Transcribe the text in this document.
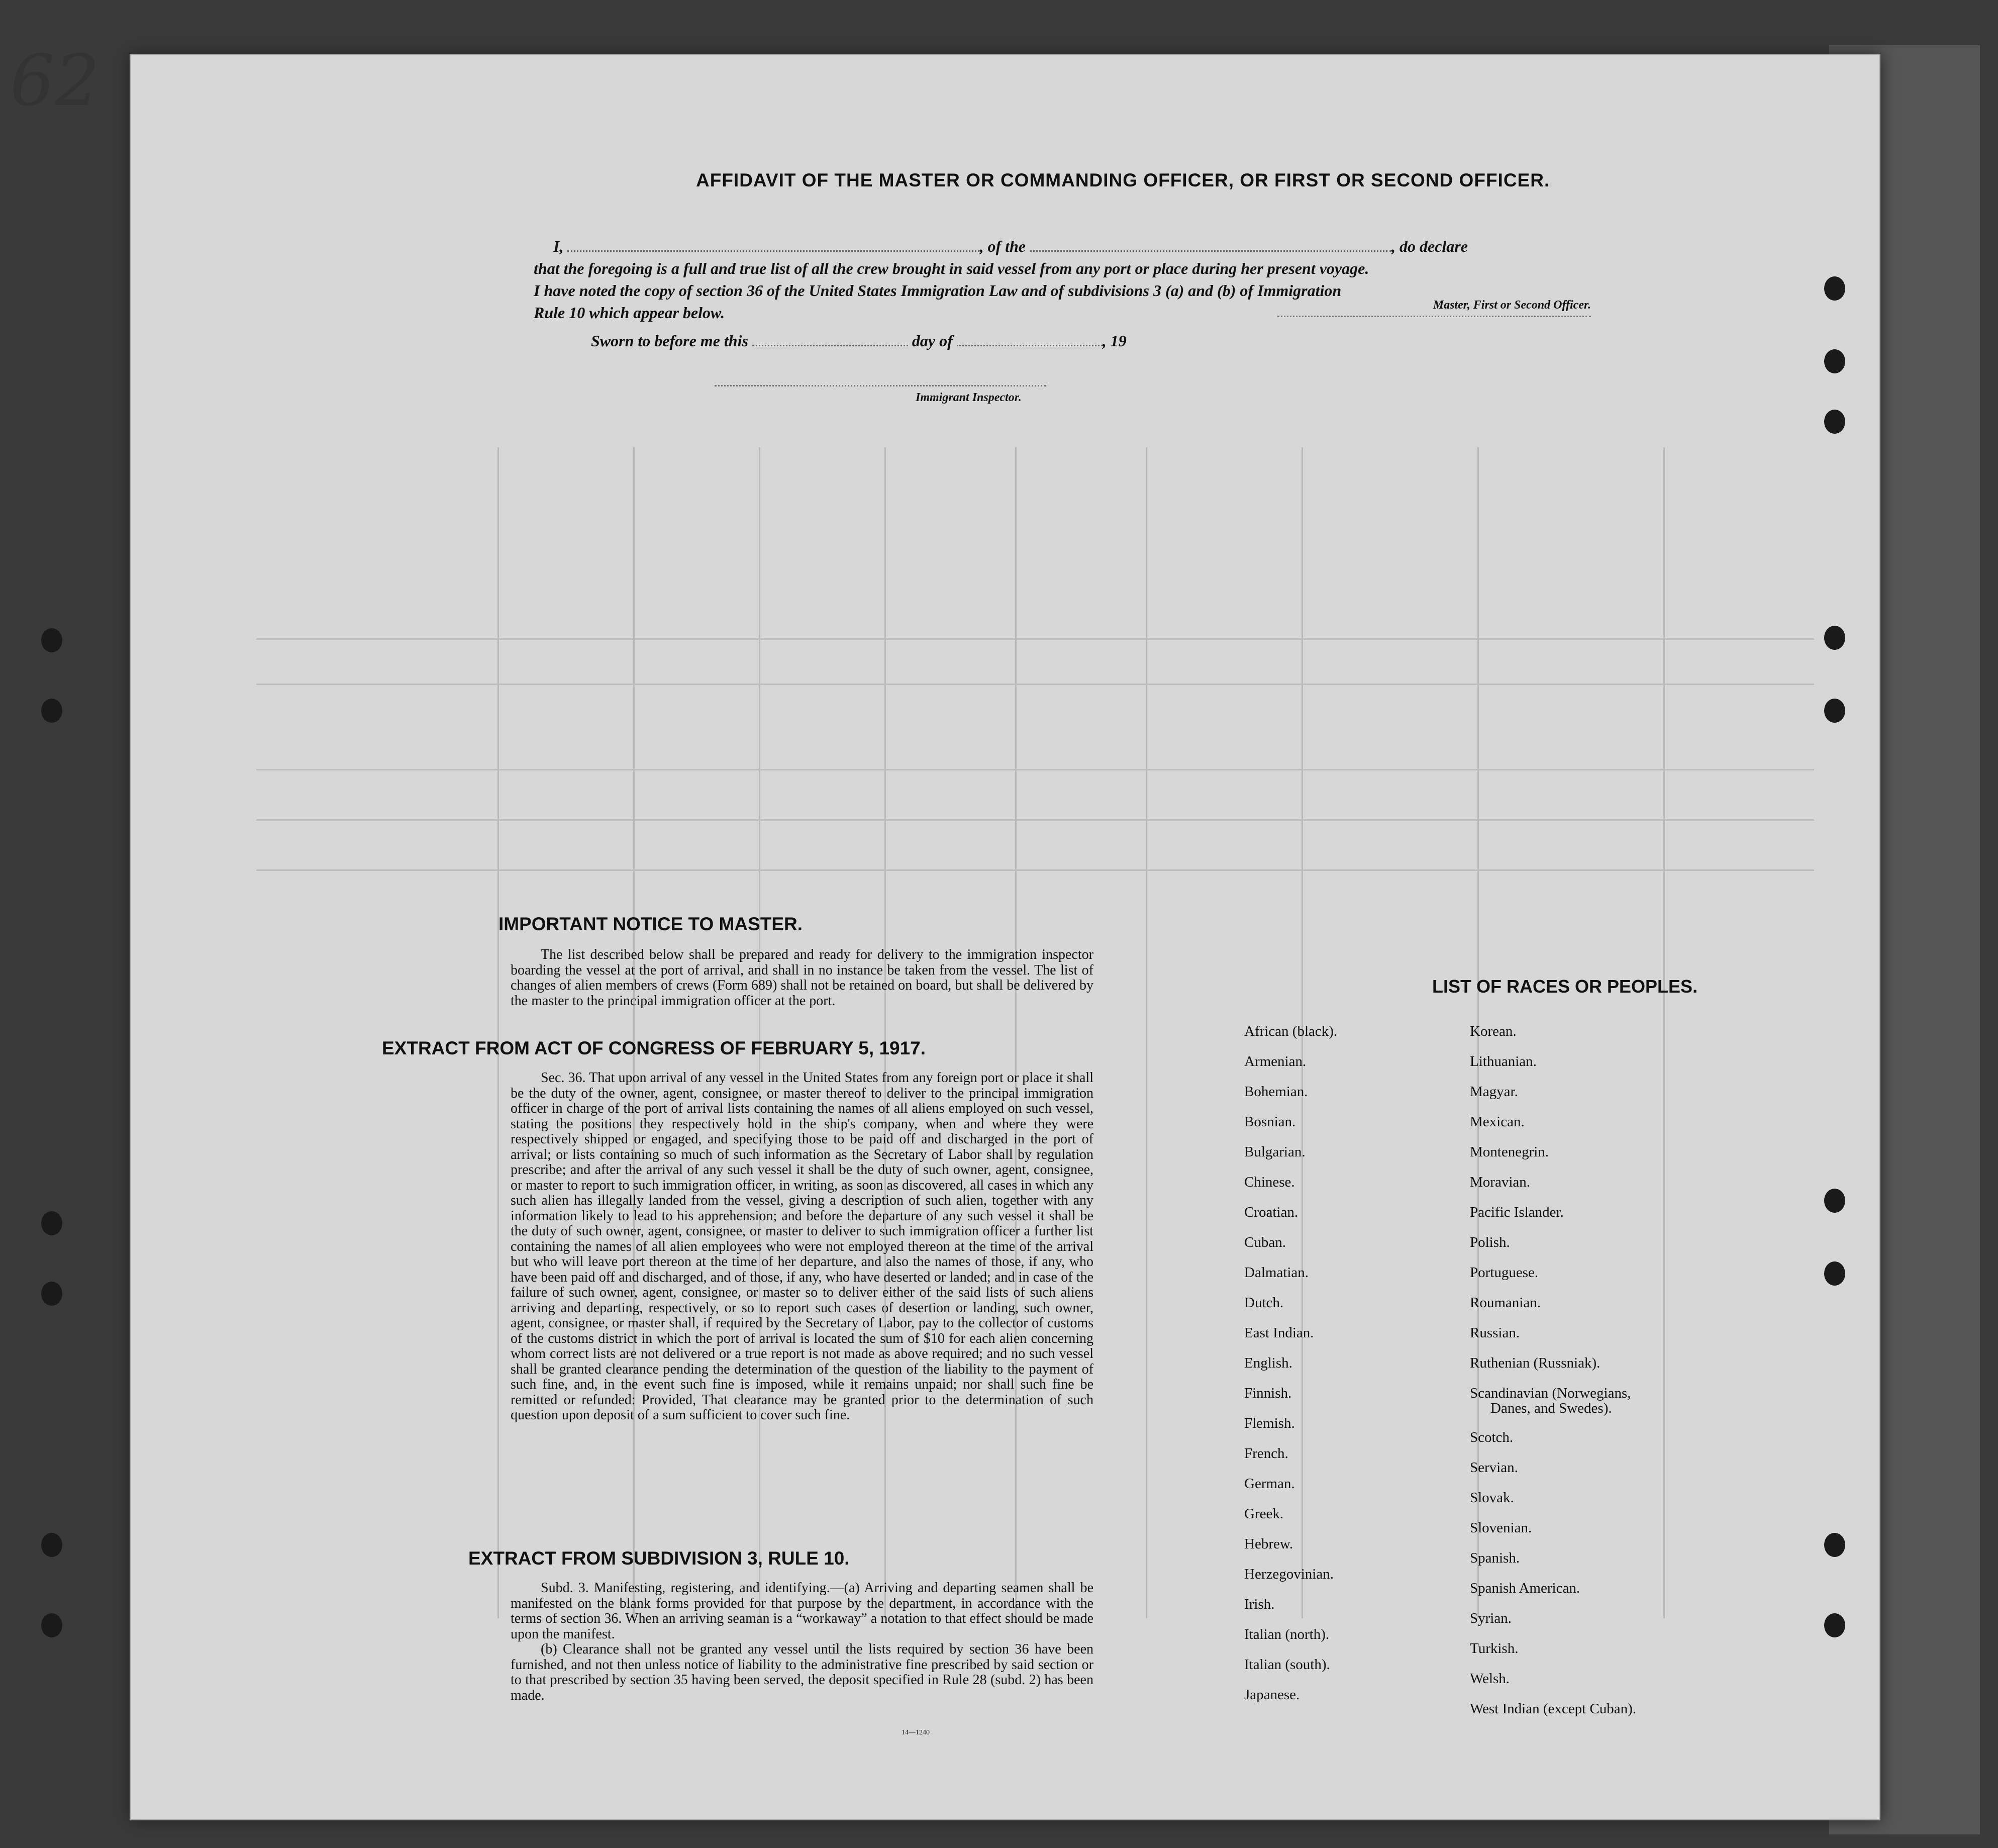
62
AFFIDAVIT OF THE MASTER OR COMMANDING OFFICER, OR FIRST OR SECOND OFFICER.
I,	, of the	, do declare
that the foregoing is a full and true list of all the crew brought in said vessel from any port or place during her present voyage.
I have noted the copy of section 36 of the United States Immigration Law and of subdivisions 3 (a) and (b) of Immigration
Rule 10 which appear below.	Master, First or Second Officer.
Sworn to before me this	day of	, 19
Immigrant Inspector.
IMPORTANT NOTICE TO MASTER.

The list described below shall be prepared and ready for delivery to the immigration inspector boarding the vessel at the port of arrival, and shall in no instance be taken from the vessel. The list of changes of alien members of crews (Form 689) shall not be retained on board, but shall be delivered by the master to the principal immigration officer at the port.

EXTRACT FROM ACT OF CONGRESS OF FEBRUARY 5, 1917.

Sec. 36. That upon arrival of any vessel in the United States from any foreign port or place it shall be the duty of the owner, agent, consignee, or master thereof to deliver to the principal immigration officer in charge of the port of arrival lists containing the names of all aliens employed on such vessel, stating the positions they respectively hold in the ship's company, when and where they were respectively shipped or engaged, and specifying those to be paid off and discharged in the port of arrival; or lists containing so much of such information as the Secretary of Labor shall by regulation prescribe; and after the arrival of any such vessel it shall be the duty of such owner, agent, consignee, or master to report to such immigration officer, in writing, as soon as discovered, all cases in which any such alien has illegally landed from the vessel, giving a description of such alien, together with any information likely to lead to his apprehension; and before the departure of any such vessel it shall be the duty of such owner, agent, consignee, or master to deliver to such immigration officer a further list containing the names of all alien employees who were not employed thereon at the time of the arrival but who will leave port thereon at the time of her departure, and also the names of those, if any, who have been paid off and discharged, and of those, if any, who have deserted or landed; and in case of the failure of such owner, agent, consignee, or master so to deliver either of the said lists of such aliens arriving and departing, respectively, or so to report such cases of desertion or landing, such owner, agent, consignee, or master shall, if required by the Secretary of Labor, pay to the collector of customs of the customs district in which the port of arrival is located the sum of $10 for each alien concerning whom correct lists are not delivered or a true report is not made as above required; and no such vessel shall be granted clearance pending the determination of the question of the liability to the payment of such fine, and, in the event such fine is imposed, while it remains unpaid; nor shall such fine be remitted or refunded: Provided, That clearance may be granted prior to the determination of such question upon deposit of a sum sufficient to cover such fine.

EXTRACT FROM SUBDIVISION 3, RULE 10.

Subd. 3. Manifesting, registering, and identifying.—(a) Arriving and departing seamen shall be manifested on the blank forms provided for that purpose by the department, in accordance with the terms of section 36. When an arriving seaman is a “workaway” a notation to that effect should be made upon the manifest.

(b) Clearance shall not be granted any vessel until the lists required by section 36 have been furnished, and not then unless notice of liability to the administrative fine prescribed by said section or to that prescribed by section 35 having been served, the deposit specified in Rule 28 (subd. 2) has been made.

14—1240
LIST OF RACES OR PEOPLES.
African (black).
Armenian.
Bohemian.
Bosnian.
Bulgarian.
Chinese.
Croatian.
Cuban.
Dalmatian.
Dutch.
East Indian.
English.
Finnish.
Flemish.
French.
German.
Greek.
Hebrew.
Herzegovinian.
Irish.
Italian (north).
Italian (south).
Japanese.
Korean.
Lithuanian.
Magyar.
Mexican.
Montenegrin.
Moravian.
Pacific Islander.
Polish.
Portuguese.
Roumanian.
Russian.
Ruthenian (Russniak).
Scandinavian (Norwegians,
Danes, and Swedes).
Scotch.
Servian.
Slovak.
Slovenian.
Spanish.
Spanish American.
Syrian.
Turkish.
Welsh.
West Indian (except Cuban).
